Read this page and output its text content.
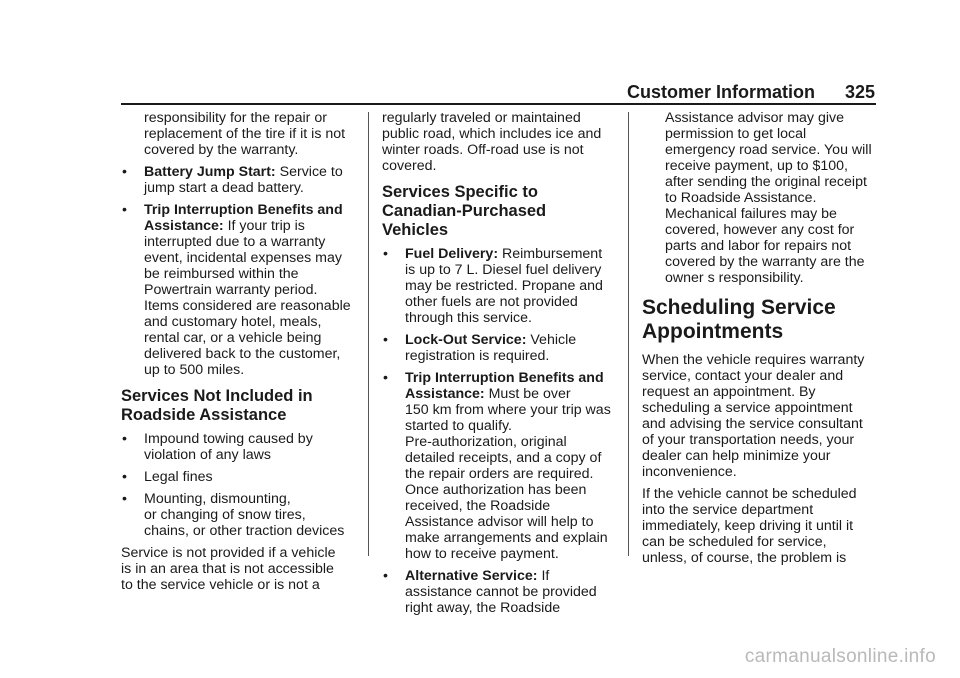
Customer Information 325
responsibility for the repair or
replacement of the tire if it is not
covered by the warranty.
• Battery Jump Start: Service to
jump start a dead battery.
• Trip Interruption Benefits and
Assistance: If your trip is
interrupted due to a warranty
event, incidental expenses may
be reimbursed within the
Powertrain warranty period.
Items considered are reasonable
and customary hotel, meals,
rental car, or a vehicle being
delivered back to the customer,
up to 500 miles.
Services Not Included in
Roadside Assistance
• Impound towing caused by
violation of any laws
• Legal fines
• Mounting, dismounting,
or changing of snow tires,
chains, or other traction devices
Service is not provided if a vehicle
is in an area that is not accessible
to the service vehicle or is not a
regularly traveled or maintained
public road, which includes ice and
winter roads. Off-road use is not
covered.
Services Specific to
Canadian-Purchased Vehicles
• Fuel Delivery: Reimbursement
is up to 7 L. Diesel fuel delivery
may be restricted. Propane and
other fuels are not provided
through this service.
• Lock-Out Service: Vehicle
registration is required.
• Trip Interruption Benefits and
Assistance: Must be over
150 km from where your trip was
started to qualify.
Pre-authorization, original
detailed receipts, and a copy of
the repair orders are required.
Once authorization has been
received, the Roadside
Assistance advisor will help to
make arrangements and explain
how to receive payment.
• Alternative Service: If
assistance cannot be provided
right away, the Roadside
Assistance advisor may give
permission to get local
emergency road service. You will
receive payment, up to $100,
after sending the original receipt
to Roadside Assistance.
Mechanical failures may be
covered, however any cost for
parts and labor for repairs not
covered by the warranty are the
owner s responsibility.
Scheduling Service
Appointments
When the vehicle requires warranty
service, contact your dealer and
request an appointment. By
scheduling a service appointment
and advising the service consultant
of your transportation needs, your
dealer can help minimize your
inconvenience.
If the vehicle cannot be scheduled
into the service department
immediately, keep driving it until it
can be scheduled for service,
unless, of course, the problem is
carmanualsonline.info
